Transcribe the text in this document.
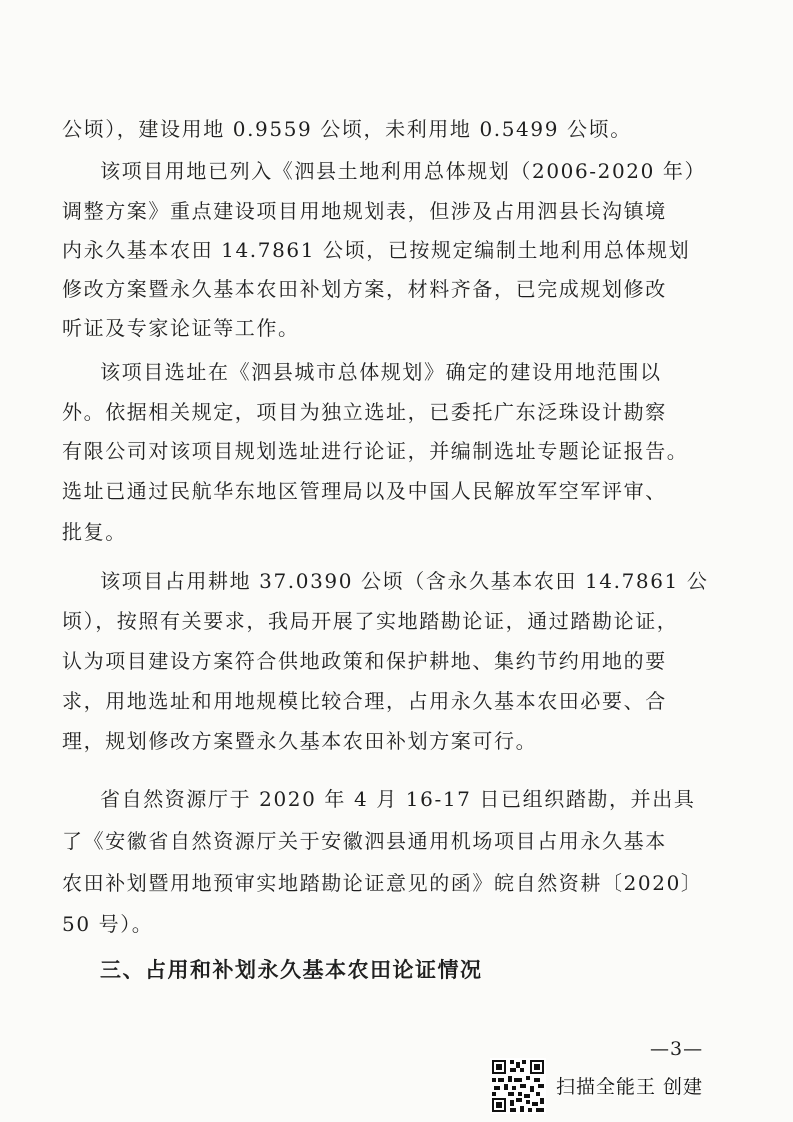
公顷），建设用地 0.9559 公顷，未利用地 0.5499 公顷。
该项目用地已列入《泗县土地利用总体规划（2006-2020 年）
调整方案》重点建设项目用地规划表，但涉及占用泗县长沟镇境
内永久基本农田 14.7861 公顷，已按规定编制土地利用总体规划
修改方案暨永久基本农田补划方案，材料齐备，已完成规划修改
听证及专家论证等工作。
该项目选址在《泗县城市总体规划》确定的建设用地范围以
外。依据相关规定，项目为独立选址，已委托广东泛珠设计勘察
有限公司对该项目规划选址进行论证，并编制选址专题论证报告。
选址已通过民航华东地区管理局以及中国人民解放军空军评审、
批复。
该项目占用耕地 37.0390 公顷（含永久基本农田 14.7861 公
顷），按照有关要求，我局开展了实地踏勘论证，通过踏勘论证，
认为项目建设方案符合供地政策和保护耕地、集约节约用地的要
求，用地选址和用地规模比较合理，占用永久基本农田必要、合
理，规划修改方案暨永久基本农田补划方案可行。
省自然资源厅于 2020 年 4 月 16-17 日已组织踏勘，并出具
了《安徽省自然资源厅关于安徽泗县通用机场项目占用永久基本
农田补划暨用地预审实地踏勘论证意见的函》皖自然资耕〔2020〕
50 号）。
三、占用和补划永久基本农田论证情况
—3—
扫描全能王 创建
